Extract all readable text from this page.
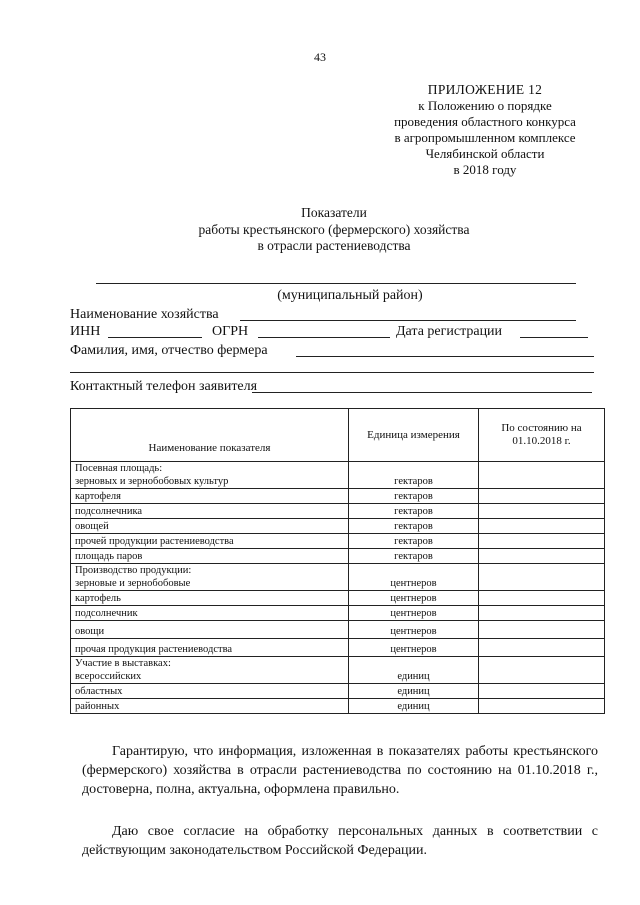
43
ПРИЛОЖЕНИЕ 12
к Положению о порядке
проведения областного конкурса
в агропромышленном комплексе
Челябинской области
в 2018 году
Показатели
работы крестьянского (фермерского) хозяйства
в отрасли растениеводства
(муниципальный район)
Наименование хозяйства
ИНН	ОГРН	Дата регистрации
Фамилия, имя, отчество фермера
Контактный телефон заявителя
Наименование показателя	Единица измерения	По состоянию на 01.10.2018 г.

Посевная площадь:
зерновых и зернобобовых культур	гектаров	
картофеля	гектаров	
подсолнечника	гектаров	
овощей	гектаров	
прочей продукции растениеводства	гектаров	
площадь паров	гектаров	

Производство продукции:
зерновые и зернобобовые	центнеров	
картофель	центнеров	
подсолнечник	центнеров	
овощи	центнеров	
прочая продукция растениеводства	центнеров	

Участие в выставках:
всероссийских	единиц	
областных	единиц	
районных	единиц	
Гарантирую, что информация, изложенная в показателях работы крестьянского (фермерского) хозяйства в отрасли растениеводства по состоянию на 01.10.2018 г., достоверна, полна, актуальна, оформлена правильно.
Даю свое согласие на обработку персональных данных в соответствии с действующим законодательством Российской Федерации.
